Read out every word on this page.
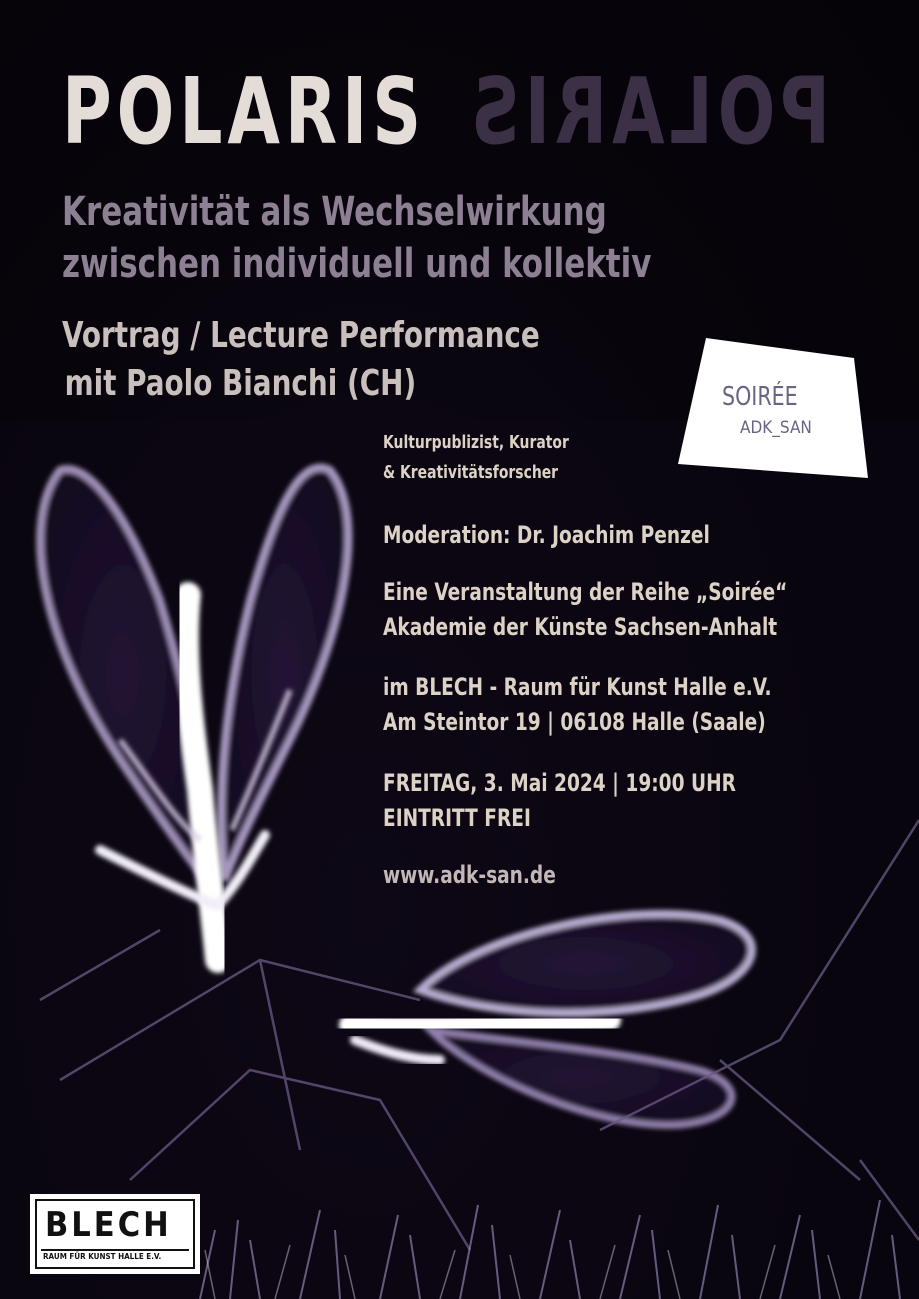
POLARIS POLARIS
Kreativität als Wechselwirkung
zwischen individuell und kollektiv
Vortrag / Lecture Performance
mit Paolo Bianchi (CH)	SOIRÉE
ADK_SAN
Kulturpublizist, Kurator
& Kreativitätsforscher
Moderation: Dr. Joachim Penzel
Eine Veranstaltung der Reihe „Soirée“
Akademie der Künste Sachsen-Anhalt
im BLECH - Raum für Kunst Halle e.V.
Am Steintor 19 | 06108 Halle (Saale)
FREITAG, 3. Mai 2024 | 19:00 UHR
EINTRITT FREI
www.adk-san.de
BLECH
RAUM FÜR KUNST HALLE E.V.
